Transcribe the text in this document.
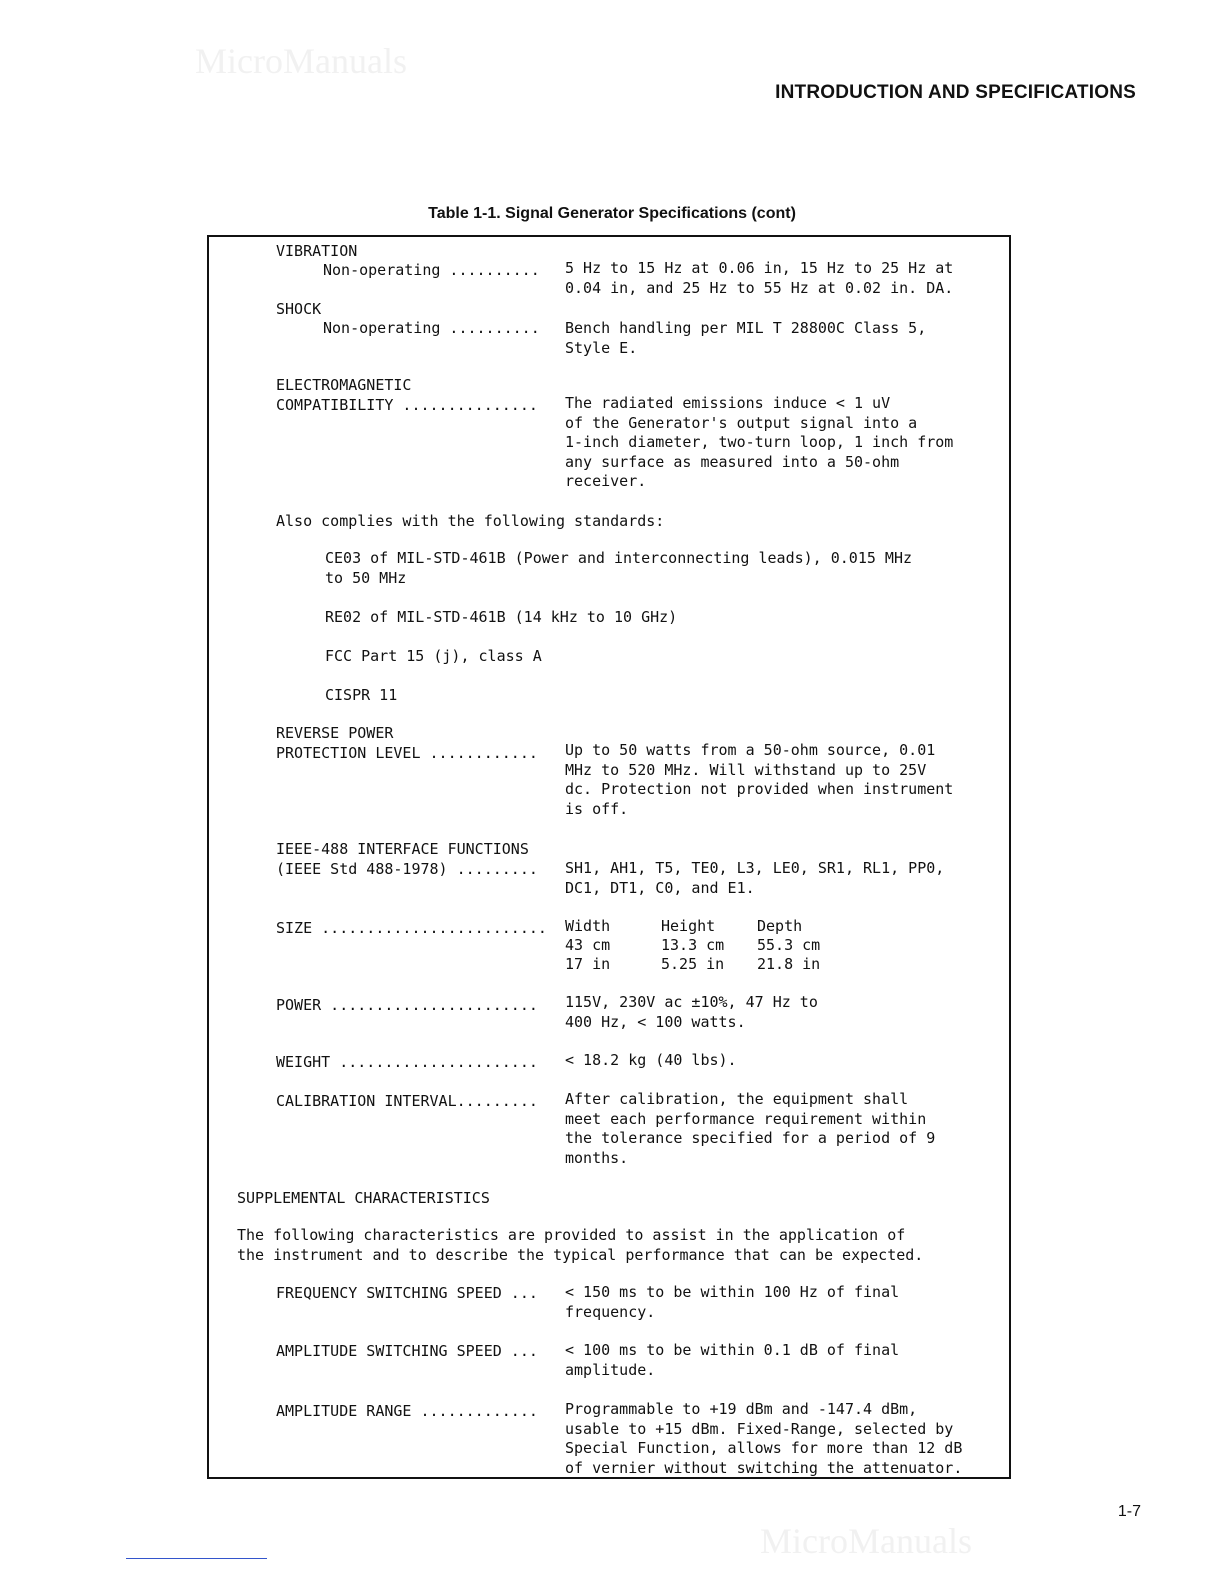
MicroManuals
MicroManuals
INTRODUCTION AND SPECIFICATIONS
Table 1-1. Signal Generator Specifications (cont)

VIBRATION

Non-operating .......... 5 Hz to 15 Hz at 0.06 in, 15 Hz to 25 Hz at
0.04 in, and 25 Hz to 55 Hz at 0.02 in. DA.

SHOCK

Non-operating .......... Bench handling per MIL T 28800C Class 5,
Style E.

ELECTROMAGNETIC
COMPATIBILITY ............... The radiated emissions induce < 1 uV
of the Generator's output signal into a
1-inch diameter, two-turn loop, 1 inch from
any surface as measured into a 50-ohm
receiver.

Also complies with the following standards:

CE03 of MIL-STD-461B (Power and interconnecting leads), 0.015 MHz
to 50 MHz

RE02 of MIL-STD-461B (14 kHz to 10 GHz)

FCC Part 15 (j), class A

CISPR 11

REVERSE POWER
PROTECTION LEVEL ............ Up to 50 watts from a 50-ohm source, 0.01
MHz to 520 MHz. Will withstand up to 25V
dc. Protection not provided when instrument
is off.

IEEE-488 INTERFACE FUNCTIONS
(IEEE Std 488-1978) ......... SH1, AH1, T5, TE0, L3, LE0, SR1, RL1, PP0,
DC1, DT1, C0, and E1.

SIZE ......................... Width	Height	Depth

43 cm	13.3 cm 55.3 cm

17 in	5.25 in 21.8 in

POWER ....................... 115V, 230V ac ±10%, 47 Hz to
400 Hz, < 100 watts.

WEIGHT ...................... < 18.2 kg (40 lbs).

CALIBRATION INTERVAL......... After calibration, the equipment shall
meet each performance requirement within
the tolerance specified for a period of 9
months.

SUPPLEMENTAL CHARACTERISTICS

The following characteristics are provided to assist in the application of
the instrument and to describe the typical performance that can be expected.

FREQUENCY SWITCHING SPEED ... < 150 ms to be within 100 Hz of final
frequency.

AMPLITUDE SWITCHING SPEED ... < 100 ms to be within 0.1 dB of final
amplitude.

AMPLITUDE RANGE ............. Programmable to +19 dBm and -147.4 dBm,
usable to +15 dBm. Fixed-Range, selected by
Special Function, allows for more than 12 dB
of vernier without switching the attenuator.

1-7
